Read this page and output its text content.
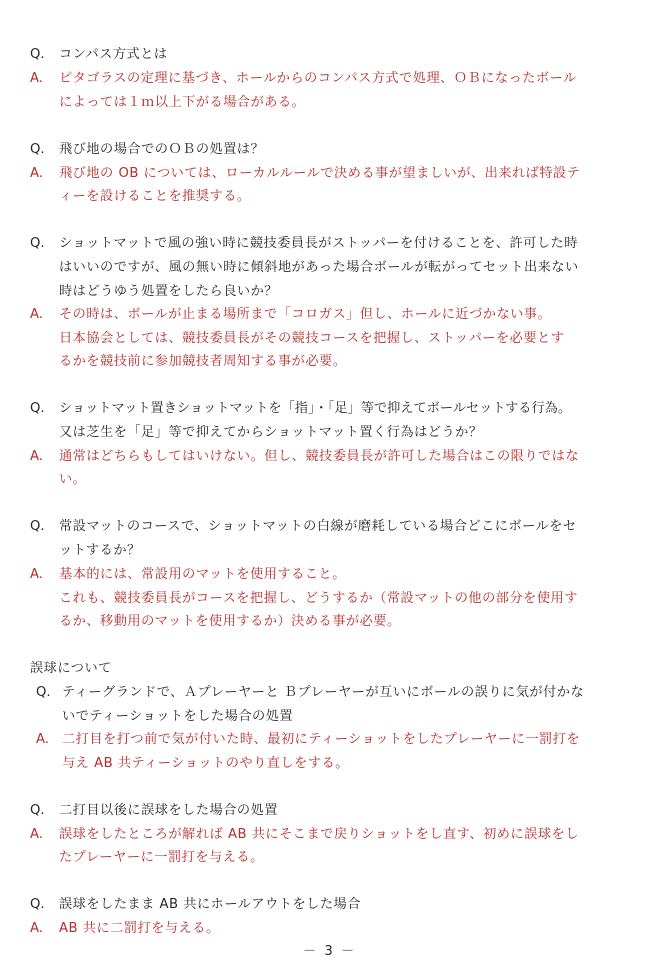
Q. コンパス方式とは
A. ピタゴラスの定理に基づき、ホールからのコンパス方式で処理、ＯＢになったボール
によっては１ｍ以上下がる場合がある。
Q. 飛び地の場合でのＯＢの処置は？
A. 飛び地の OB については、ローカルルールで決める事が望ましいが、出来れば特設テ
ィーを設けることを推奨する。
Q. ショットマットで風の強い時に競技委員長がストッパーを付けることを、許可した時
はいいのですが、風の無い時に傾斜地があった場合ボールが転がってセット出来ない
時はどうゆう処置をしたら良いか？
A. その時は、ボールが止まる場所まで「コロガス」但し、ホールに近づかない事。
日本協会としては、競技委員長がその競技コースを把握し、ストッパーを必要とす
るかを競技前に参加競技者周知する事が必要。
Q. ショットマット置きショットマットを「指」・「足」等で抑えてボールセットする行為。
又は芝生を「足」等で抑えてからショットマット置く行為はどうか？
A. 通常はどちらもしてはいけない。但し、競技委員長が許可した場合はこの限りではな
い。
Q. 常設マットのコースで、ショットマットの白線が磨耗している場合どこにボールをセ
ットするか？
A. 基本的には、常設用のマットを使用すること。
これも、競技委員長がコースを把握し、どうするか（常設マットの他の部分を使用す
るか、移動用のマットを使用するか）決める事が必要。
誤球について
Q. ティーグランドで、Ａプレーヤーと Ｂプレーヤーが互いにボールの誤りに気が付かな
いでティーショットをした場合の処置
A. 二打目を打つ前で気が付いた時、最初にティーショットをしたプレーヤーに一罰打を
与え AB 共ティーショットのやり直しをする。
Q. 二打目以後に誤球をした場合の処置
A. 誤球をしたところが解れば AB 共にそこまで戻りショットをし直す、初めに誤球をし
たプレーヤーに一罰打を与える。
Q. 誤球をしたまま AB 共にホールアウトをした場合
A. AB 共に二罰打を与える。
－ 3 －
